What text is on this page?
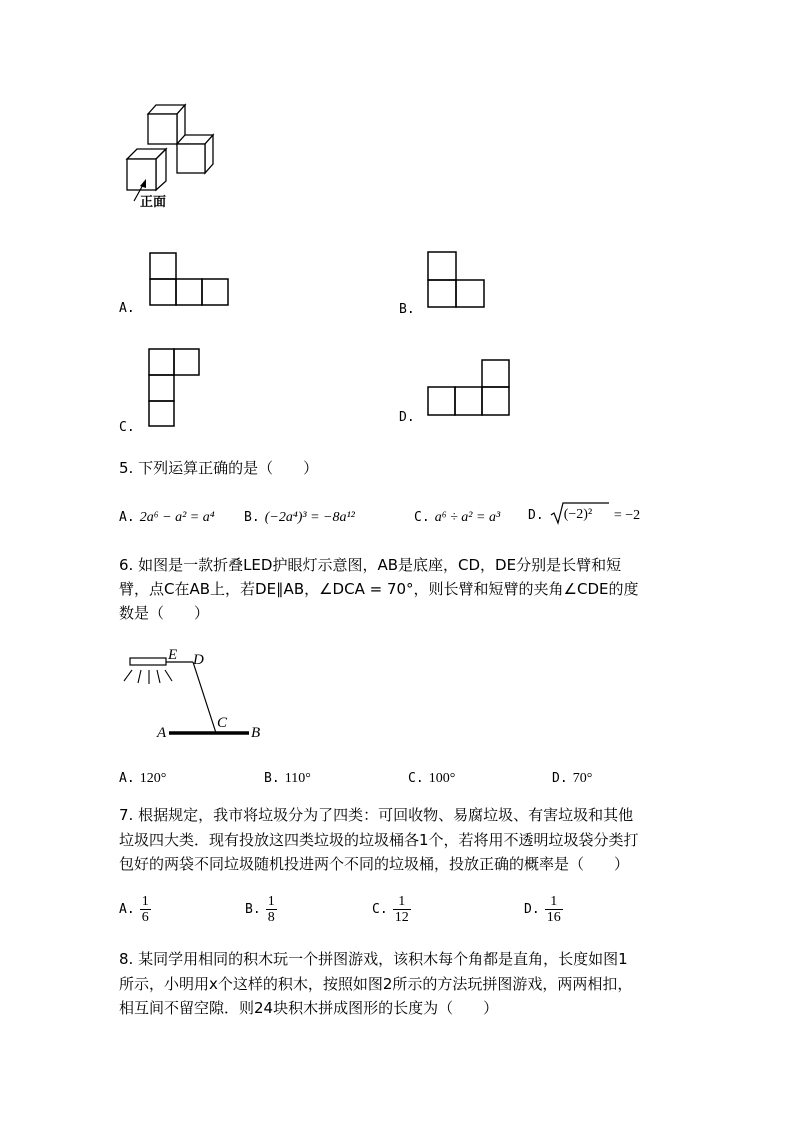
正面
A.	B.
C.
D.
5. 下列运算正确的是（　　）
A. 2a⁶ − a² = a⁴ B. (−2a⁴)³ = −8a¹²	C. a⁶ ÷ a² = a³ D. (−2)² = −2
6. 如图是一款折叠LED护眼灯示意图，AB是底座，CD，DE分别是长臂和短
臂，点C在AB上，若DE∥AB，∠DCA = 70°，则长臂和短臂的夹角∠CDE的度
数是（　　）
E D
C
A	B
A. 120°	B. 110°	C. 100°	D. 70°
7. 根据规定，我市将垃圾分为了四类：可回收物、易腐垃圾、有害垃圾和其他
垃圾四大类．现有投放这四类垃圾的垃圾桶各1个，若将用不透明垃圾袋分类打
包好的两袋不同垃圾随机投进两个不同的垃圾桶，投放正确的概率是（　　）
A. $\frac{1}{6}$	B. $\frac{1}{8}$	C. $\frac{1}{12}$	D. $\frac{1}{16}$
8. 某同学用相同的积木玩一个拼图游戏，该积木每个角都是直角，长度如图1
所示，小明用x个这样的积木，按照如图2所示的方法玩拼图游戏，两两相扣，
相互间不留空隙．则24块积木拼成图形的长度为（　　）
